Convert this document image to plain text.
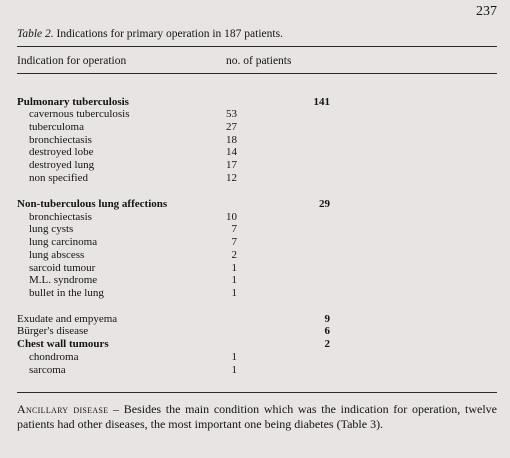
237
Table 2. Indications for primary operation in 187 patients.
Indication for operation	no. of patients
Pulmonary tuberculosis	141
cavernous tuberculosis	53
tuberculoma	27
bronchiectasis	18
destroyed lobe	14
destroyed lung	17
non specified	12
Non-tuberculous lung affections	29
bronchiectasis	10
lung cysts	7
lung carcinoma	7
lung abscess	2
sarcoid tumour	1
M.L. syndrome	1
bullet in the lung	1
Exudate and empyema	9
Bürger's disease	6
Chest wall tumours	2
chondroma	1
sarcoma	1
Ancillary disease – Besides the main condition which was the indication for operation, twelve patients had other diseases, the most important one being diabetes (Table 3).
